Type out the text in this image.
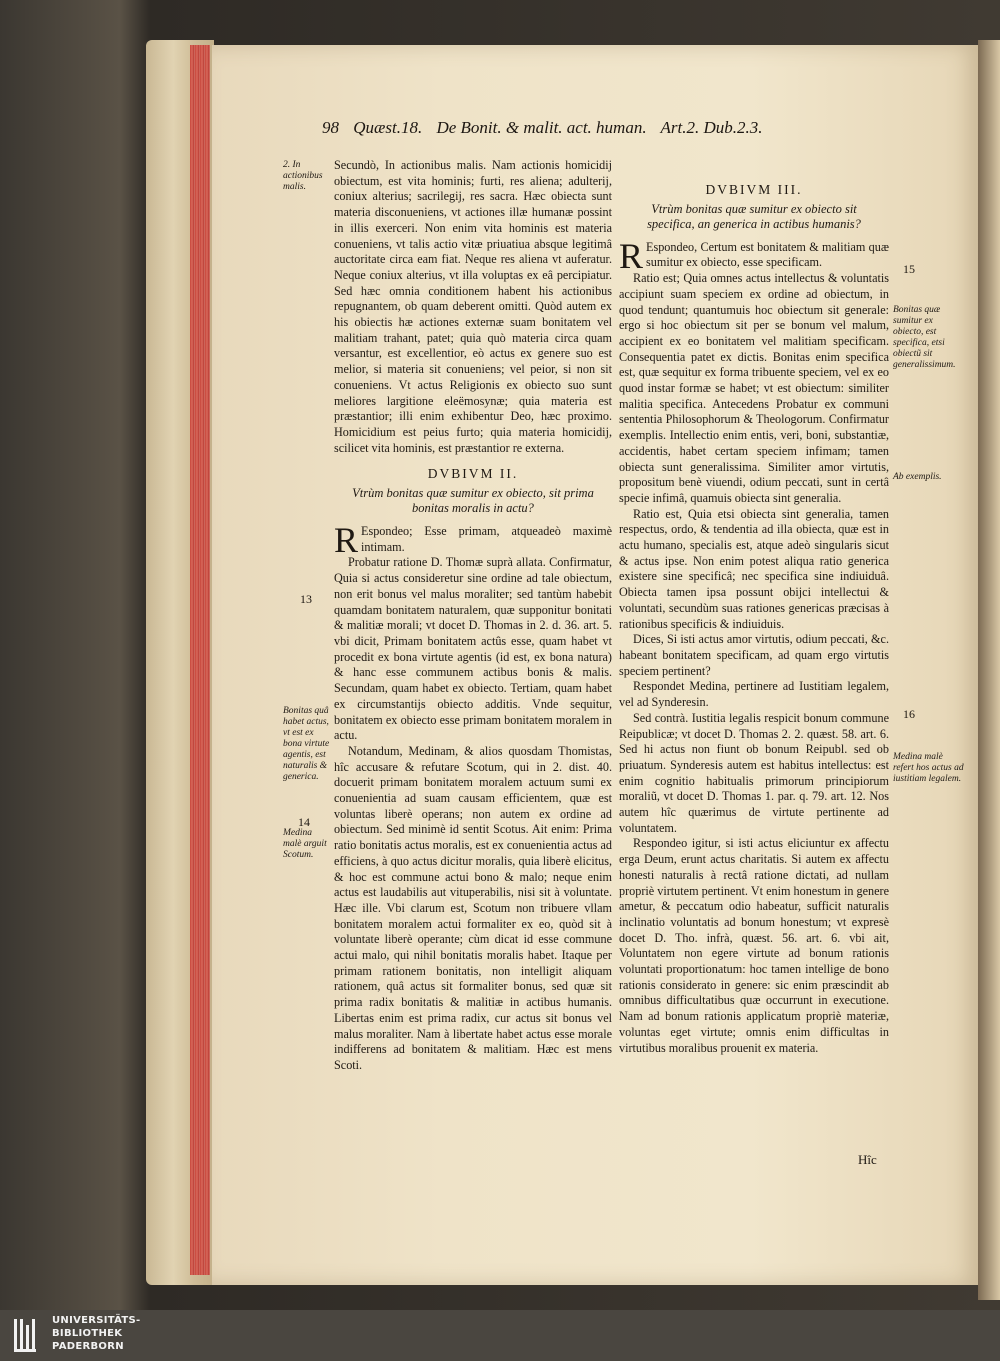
98 Quæst.18. De Bonit. & malit. act. human. Art.2. Dub.2.3.

Secundò, In actionibus malis. Nam actionis homicidij obiectum, est vita hominis; furti, res aliena; adulterij, coniux alterius; sacrilegij, res sacra. Hæc obiecta sunt materia disconueniens, vt actiones illæ humanæ possint in illis exerceri. Non enim vita hominis est materia conueniens, vt talis actio vitæ priuatiua absque legitimâ auctoritate circa eam fiat. Neque res aliena vt auferatur. Neque coniux alterius, vt illa voluptas ex eâ percipiatur. Sed hæc omnia conditionem habent his actionibus repugnantem, ob quam deberent omitti. Quòd autem ex his obiectis hæ actiones externæ suam bonitatem vel malitiam trahant, patet; quia quò materia circa quam versantur, est excellentior, eò actus ex genere suo est melior, si materia sit conueniens; vel peior, si non sit conueniens. Vt actus Religionis ex obiecto suo sunt meliores largitione eleëmosynæ; quia materia est præstantior; illi enim exhibentur Deo, hæc proximo. Homicidium est peius furto; quia materia homicidij, scilicet vita hominis, est præstantior re externa.

DVBIVM II.
Vtrùm bonitas quæ sumitur ex obiecto, sit prima bonitas moralis in actu?

R Espondeo; Esse primam, atqueadeò maximè intimam.

Probatur ratione D. Thomæ suprà allata. Confirmatur, Quia si actus consideretur sine ordine ad tale obiectum, non erit bonus vel malus moraliter; sed tantùm habebit quamdam bonitatem naturalem, quæ supponitur bonitati & malitiæ morali; vt docet D. Thomas in 2. d. 36. art. 5. vbi dicit, Primam bonitatem actûs esse, quam habet vt procedit ex bona virtute agentis (id est, ex bona natura) & hanc esse communem actibus bonis & malis. Secundam, quam habet ex obiecto. Tertiam, quam habet ex circumstantijs obiecto additis. Vnde sequitur, bonitatem ex obiecto esse primam bonitatem moralem in actu.

Notandum, Medinam, & alios quosdam Thomistas, hîc accusare & refutare Scotum, qui in 2. dist. 40. docuerit primam bonitatem moralem actuum sumi ex conuenientia ad suam causam efficientem, quæ est voluntas liberè operans; non autem ex ordine ad obiectum. Sed minimè id sentit Scotus. Ait enim: Prima ratio bonitatis actus moralis, est ex conuenientia actus ad efficiens, à quo actus dicitur moralis, quia liberè elicitus, & hoc est commune actui bono & malo; neque enim actus est laudabilis aut vituperabilis, nisi sit à voluntate. Hæc ille. Vbi clarum est, Scotum non tribuere vllam bonitatem moralem actui formaliter ex eo, quòd sit à voluntate liberè operante; cùm dicat id esse commune actui malo, qui nihil bonitatis moralis habet. Itaque per primam rationem bonitatis, non intelligit aliquam rationem, quâ actus sit formaliter bonus, sed quæ sit prima radix bonitatis & malitiæ in actibus humanis. Libertas enim est prima radix, cur actus sit bonus vel malus moraliter. Nam à libertate habet actus esse morale indifferens ad bonitatem & malitiam. Hæc est mens Scoti.

DVBIVM III.
Vtrùm bonitas quæ sumitur ex obiecto sit specifica, an generica in actibus humanis?

R Espondeo, Certum est bonitatem & malitiam quæ sumitur ex obiecto, esse specificam.

Ratio est; Quia omnes actus intellectus & voluntatis accipiunt suam speciem ex ordine ad obiectum, in quod tendunt; quantumuis hoc obiectum sit generale: ergo si hoc obiectum sit per se bonum vel malum, accipient ex eo bonitatem vel malitiam specificam. Consequentia patet ex dictis. Bonitas enim specifica est, quæ sequitur ex forma tribuente speciem, vel ex eo quod instar formæ se habet; vt est obiectum: similiter malitia specifica. Antecedens Probatur ex communi sententia Philosophorum & Theologorum. Confirmatur exemplis. Intellectio enim entis, veri, boni, substantiæ, accidentis, habet certam speciem infimam; tamen obiecta sunt generalissima. Similiter amor virtutis, propositum benè viuendi, odium peccati, sunt in certâ specie infimâ, quamuis obiecta sint generalia.

Ratio est, Quia etsi obiecta sint generalia, tamen respectus, ordo, & tendentia ad illa obiecta, quæ est in actu humano, specialis est, atque adeò singularis sicut & actus ipse. Non enim potest aliqua ratio generica existere sine specificâ; nec specifica sine indiuiduâ. Obiecta tamen ipsa possunt obijci intellectui & voluntati, secundùm suas rationes genericas præcisas à rationibus specificis & indiuiduis.

Dices, Si isti actus amor virtutis, odium peccati, &c. habeant bonitatem specificam, ad quam ergo virtutis speciem pertinent?

Respondet Medina, pertinere ad Iustitiam legalem, vel ad Synderesin.

Sed contrà. Iustitia legalis respicit bonum commune Reipublicæ; vt docet D. Thomas 2. 2. quæst. 58. art. 6. Sed hi actus non fiunt ob bonum Reipubl. sed ob priuatum. Synderesis autem est habitus intellectus: est enim cognitio habitualis primorum principiorum moraliũ, vt docet D. Thomas 1. par. q. 79. art. 12. Nos autem hîc quærimus de virtute pertinente ad voluntatem.

Respondeo igitur, si isti actus eliciuntur ex affectu erga Deum, erunt actus charitatis. Si autem ex affectu honesti naturalis à rectâ ratione dictati, ad nullam propriè virtutem pertinent. Vt enim honestum in genere ametur, & peccatum odio habeatur, sufficit naturalis inclinatio voluntatis ad bonum honestum; vt expresè docet D. Tho. infrà, quæst. 56. art. 6. vbi ait, Voluntatem non egere virtute ad bonum rationis voluntati proportionatum: hoc tamen intellige de bono rationis considerato in genere: sic enim præscindit ab omnibus difficultatibus quæ occurrunt in executione. Nam ad bonum rationis applicatum propriè materiæ, voluntas eget virtute; omnis enim difficultas in virtutibus moralibus prouenit ex materia.

2. In actionibus malis.
Bonitas quâ habet actus, vt est ex bona virtute agentis, est naturalis & generica.
Medina malè arguit Scotum.
Bonitas quæ sumitur ex obiecto, est specifica, etsi obiectũ sit generalissimum.
Ab exemplis.
Medina malè refert hos actus ad iustitiam legalem.
13
14
15
16
Hîc
UNIVERSITÄTS-
BIBLIOTHEK
PADERBORN
